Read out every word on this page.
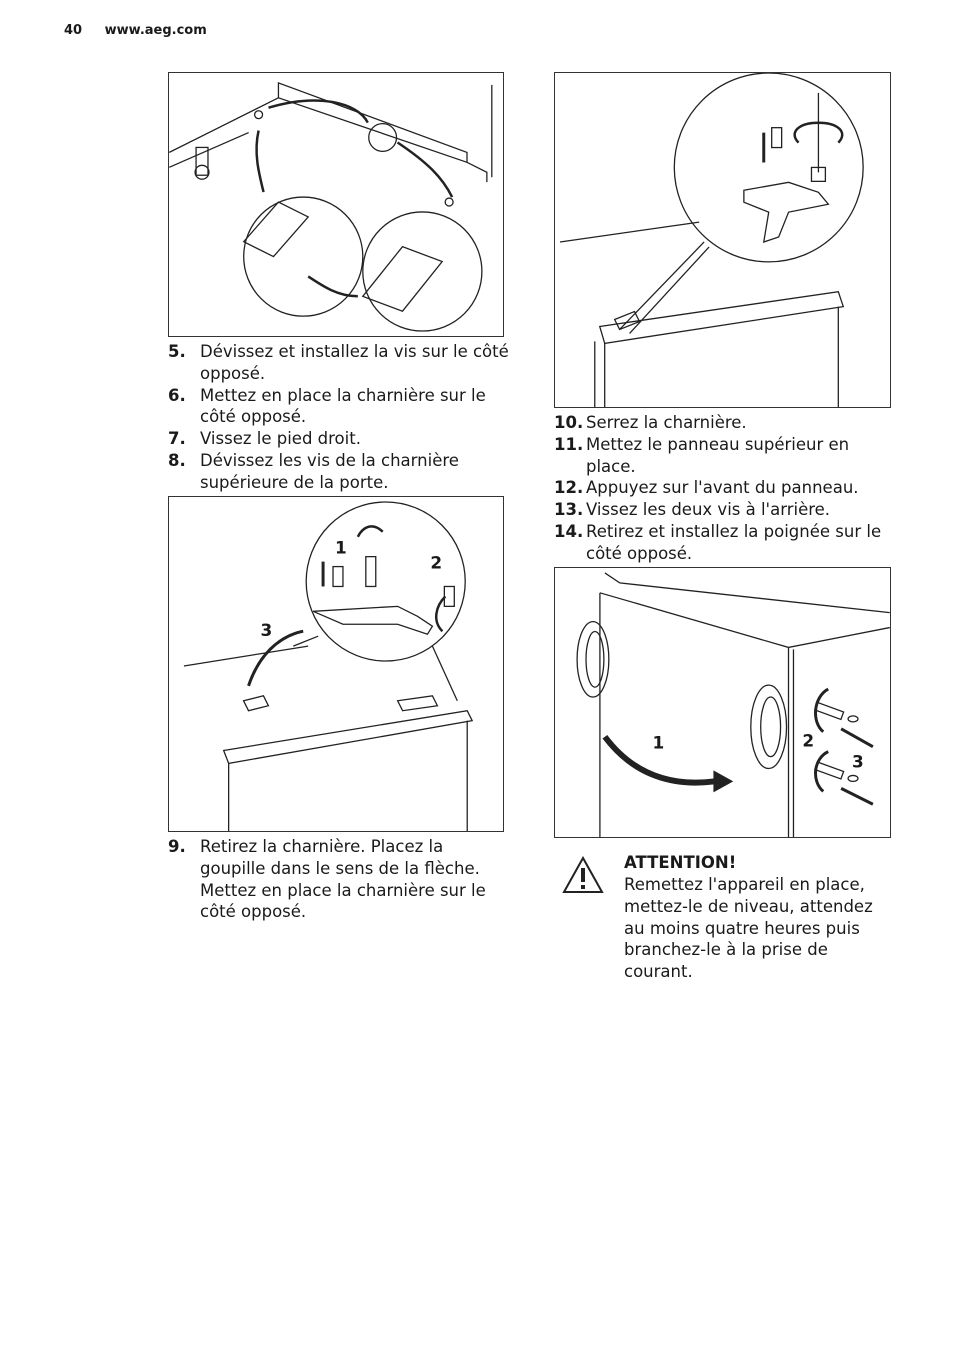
40 www.aeg.com
5. Dévissez et installez la vis sur le côté opposé.
6. Mettez en place la charnière sur le côté opposé.
7. Vissez le pied droit.
8. Dévissez les vis de la charnière supérieure de la porte.
1
2
3
9. Retirez la charnière. Placez la goupille dans le sens de la flèche. Mettez en place la charnière sur le côté opposé.
10. Serrez la charnière.
11. Mettez le panneau supérieur en place.
12. Appuyez sur l'avant du panneau.
13. Vissez les deux vis à l'arrière.
14. Retirez et installez la poignée sur le côté opposé.
1	2
3
ATTENTION!
Remettez l'appareil en place, mettez-le de niveau, attendez au moins quatre heures puis branchez-le à la prise de courant.
